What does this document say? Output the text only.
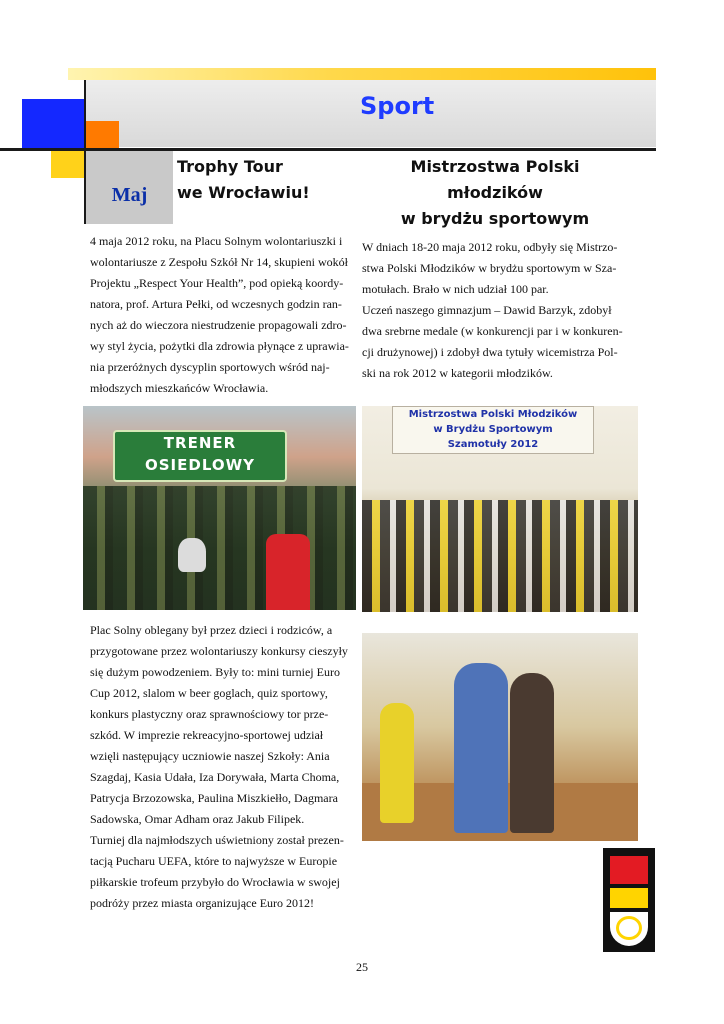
Sport
Maj
Trophy Tour
we Wrocławiu!
Mistrzostwa Polski młodzików
w brydżu sportowym
4 maja 2012 roku, na Placu Solnym wolontariuszki i
wolontariusze z Zespołu Szkół Nr 14, skupieni wokół
Projektu „Respect Your Health”, pod opieką koordy-
natora, prof. Artura Pełki, od wczesnych godzin ran-
nych aż do wieczora niestrudzenie propagowali zdro-
wy styl życia, pożytki dla zdrowia płynące z uprawia-
nia przeróżnych dyscyplin sportowych wśród naj-
młodszych mieszkańców Wrocławia.
W dniach 18-20 maja 2012 roku, odbyły się Mistrzo-
stwa Polski Młodzików w brydżu sportowym w Sza-
motułach. Brało w nich udział 100 par.
Uczeń naszego gimnazjum – Dawid Barzyk, zdobył
dwa srebrne medale (w konkurencji par i w konkuren-
cji drużynowej) i zdobył dwa tytuły wicemistrza Pol-
ski na rok 2012 w kategorii młodzików.
TRENER
OSIEDLOWY
Mistrzostwa Polski Młodzików
w Brydżu Sportowym
Szamotuły 2012
Plac Solny oblegany był przez dzieci i rodziców, a
przygotowane przez wolontariuszy konkursy cieszyły
się dużym powodzeniem. Były to: mini turniej Euro
Cup 2012, slalom w beer goglach, quiz sportowy,
konkurs plastyczny oraz sprawnościowy tor prze-
szkód. W imprezie rekreacyjno-sportowej udział
wzięli następujący uczniowie naszej Szkoły: Ania
Szagdaj, Kasia Udała, Iza Dorywała, Marta Choma,
Patrycja Brzozowska, Paulina Miszkiełło, Dagmara
Sadowska, Omar Adham oraz Jakub Filipek.
Turniej dla najmłodszych uświetniony został prezen-
tacją Pucharu UEFA, które to najwyższe w Europie
piłkarskie trofeum przybyło do Wrocławia w swojej
podróży przez miasta organizujące Euro 2012!
25
